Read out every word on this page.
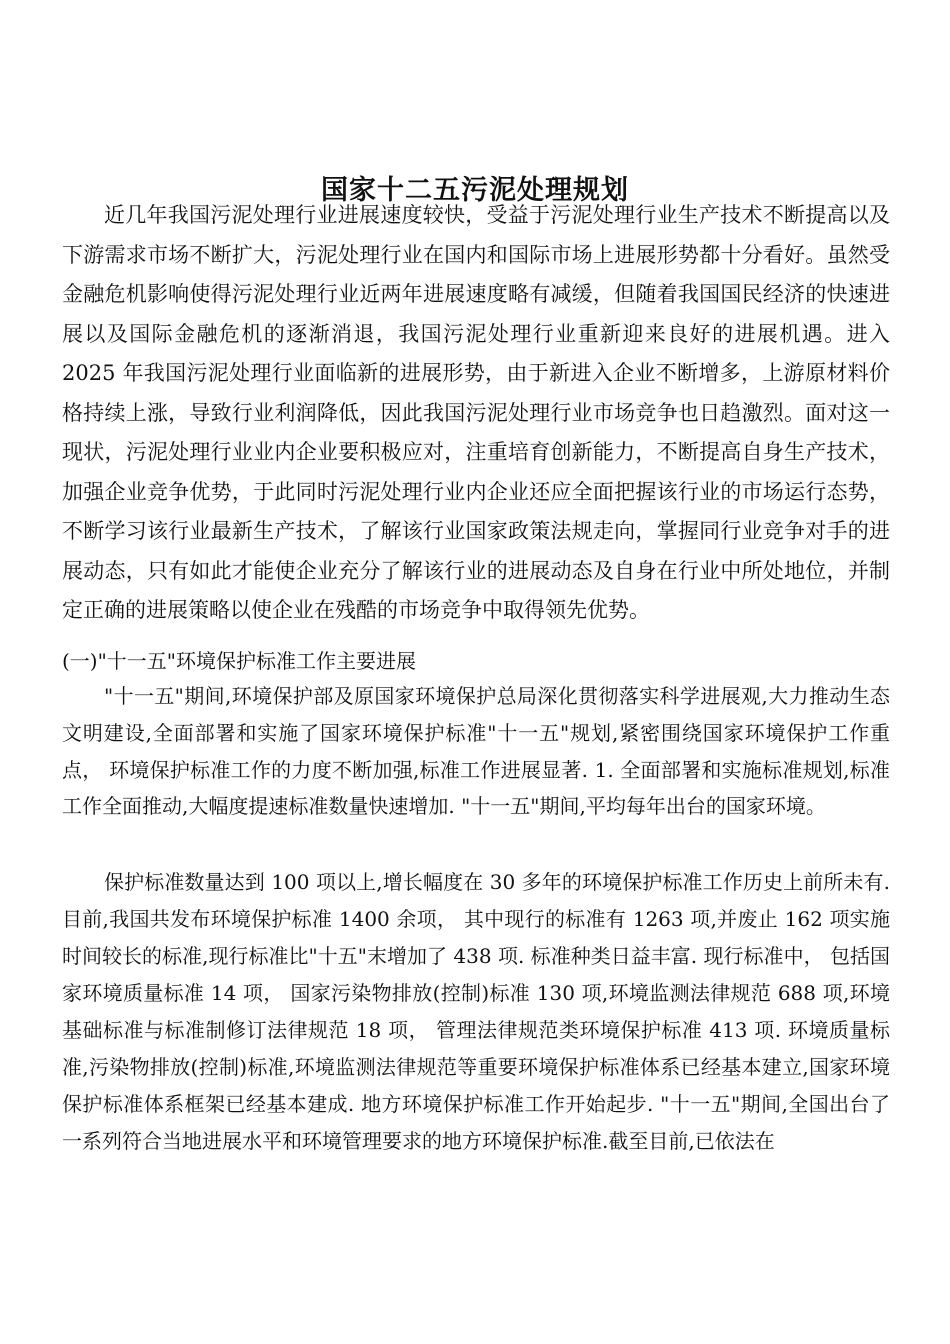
国家十二五污泥处理规划

近几年我国污泥处理行业进展速度较快，受益于污泥处理行业生产技术不断提高以及下游需求市场不断扩大，污泥处理行业在国内和国际市场上进展形势都十分看好。虽然受金融危机影响使得污泥处理行业近两年进展速度略有减缓，但随着我国国民经济的快速进展以及国际金融危机的逐渐消退，我国污泥处理行业重新迎来良好的进展机遇。进入 2025 年我国污泥处理行业面临新的进展形势，由于新进入企业不断增多，上游原材料价格持续上涨，导致行业利润降低，因此我国污泥处理行业市场竞争也日趋激烈。面对这一现状，污泥处理行业业内企业要积极应对，注重培育创新能力，不断提高自身生产技术，加强企业竞争优势，于此同时污泥处理行业内企业还应全面把握该行业的市场运行态势，不断学习该行业最新生产技术，了解该行业国家政策法规走向，掌握同行业竞争对手的进展动态，只有如此才能使企业充分了解该行业的进展动态及自身在行业中所处地位，并制定正确的进展策略以使企业在残酷的市场竞争中取得领先优势。

(一)"十一五"环境保护标准工作主要进展

"十一五"期间,环境保护部及原国家环境保护总局深化贯彻落实科学进展观,大力推动生态文明建设,全面部署和实施了国家环境保护标准"十一五"规划,紧密围绕国家环境保护工作重点， 环境保护标准工作的力度不断加强,标准工作进展显著. 1. 全面部署和实施标准规划,标准工作全面推动,大幅度提速标准数量快速增加. "十一五"期间,平均每年出台的国家环境。

保护标准数量达到 100 项以上,增长幅度在 30 多年的环境保护标准工作历史上前所未有.目前,我国共发布环境保护标准 1400 余项， 其中现行的标准有 1263 项,并废止 162 项实施时间较长的标准,现行标准比"十五"末增加了 438 项. 标准种类日益丰富. 现行标准中， 包括国家环境质量标准 14 项， 国家污染物排放(控制)标准 130 项,环境监测法律规范 688 项,环境基础标准与标准制修订法律规范 18 项， 管理法律规范类环境保护标准 413 项. 环境质量标准,污染物排放(控制)标准,环境监测法律规范等重要环境保护标准体系已经基本建立,国家环境保护标准体系框架已经基本建成. 地方环境保护标准工作开始起步. "十一五"期间,全国出台了一系列符合当地进展水平和环境管理要求的地方环境保护标准.截至目前,已依法在
